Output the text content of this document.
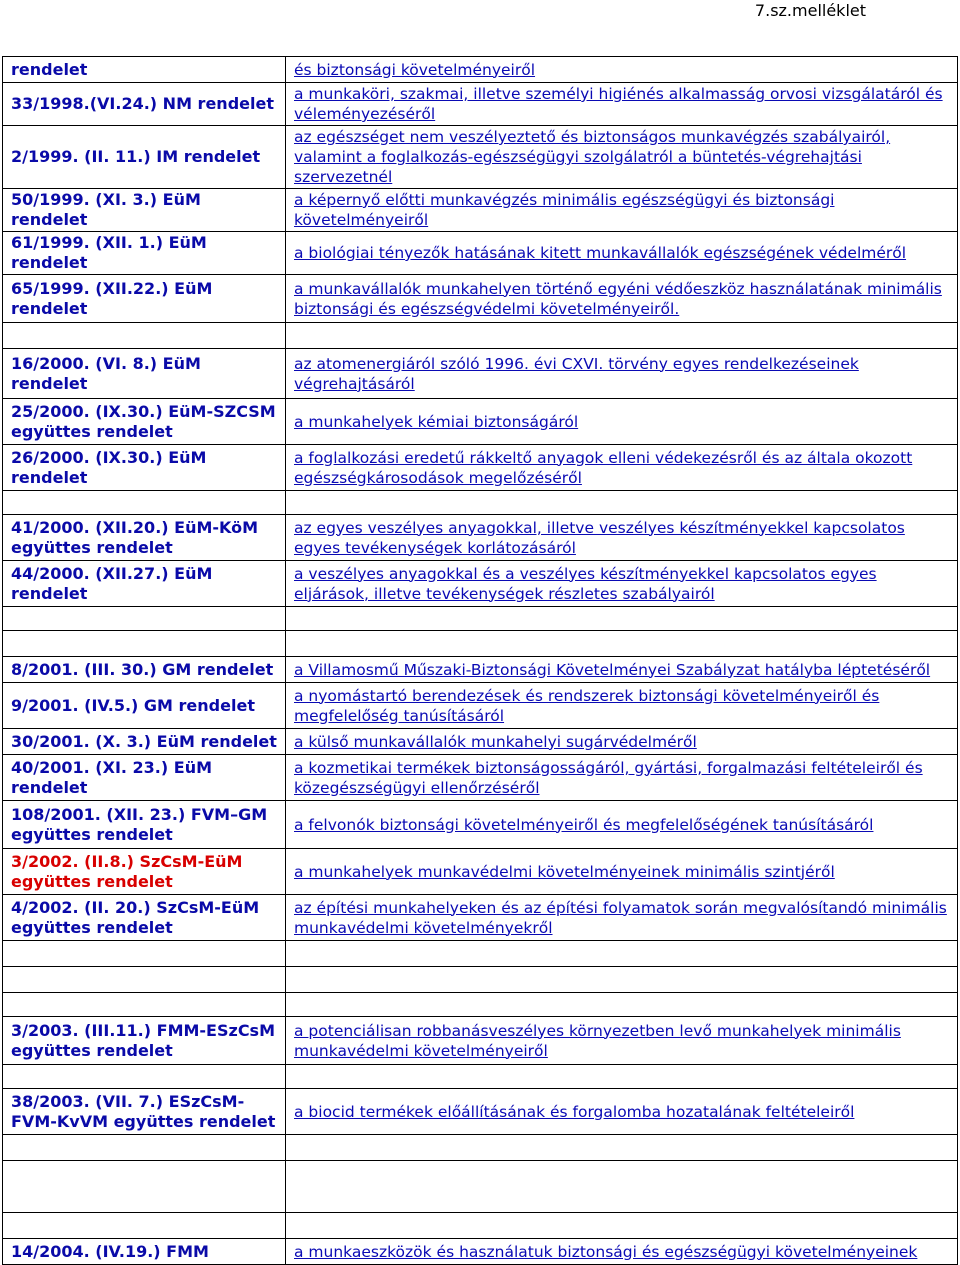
7.sz.melléklet
rendelet	és biztonsági követelményeiről
33/1998.(VI.24.) NM rendelet	a munkaköri, szakmai, illetve személyi higiénés alkalmasság orvosi vizsgálatáról és véleményezéséről
2/1999. (II. 11.) IM rendelet	az egészséget nem veszélyeztető és biztonságos munkavégzés szabályairól, valamint a foglalkozás-egészségügyi szolgálatról a büntetés-végrehajtási szervezetnél
50/1999. (XI. 3.) EüM rendelet	a képernyő előtti munkavégzés minimális egészségügyi és biztonsági követelményeiről
61/1999. (XII. 1.) EüM rendelet	a biológiai tényezők hatásának kitett munkavállalók egészségének védelméről
65/1999. (XII.22.) EüM rendelet	a munkavállalók munkahelyen történő egyéni védőeszköz használatának minimális biztonsági és egészségvédelmi követelményeiről.

16/2000. (VI. 8.) EüM rendelet	az atomenergiáról szóló 1996. évi CXVI. törvény egyes rendelkezéseinek végrehajtásáról
25/2000. (IX.30.) EüM-SZCSM együttes rendelet	a munkahelyek kémiai biztonságáról
26/2000. (IX.30.) EüM rendelet	a foglalkozási eredetű rákkeltő anyagok elleni védekezésről és az általa okozott egészségkárosodások megelőzéséről

41/2000. (XII.20.) EüM-KöM együttes rendelet	az egyes veszélyes anyagokkal, illetve veszélyes készítményekkel kapcsolatos egyes tevékenységek korlátozásáról
44/2000. (XII.27.) EüM rendelet	a veszélyes anyagokkal és a veszélyes készítményekkel kapcsolatos egyes eljárások, illetve tevékenységek részletes szabályairól

8/2001. (III. 30.) GM rendelet	a Villamosmű Műszaki-Biztonsági Követelményei Szabályzat hatályba léptetéséről
9/2001. (IV.5.) GM rendelet	a nyomástartó berendezések és rendszerek biztonsági követelményeiről és megfelelőség tanúsításáról
30/2001. (X. 3.) EüM rendelet	a külső munkavállalók munkahelyi sugárvédelméről
40/2001. (XI. 23.) EüM rendelet	a kozmetikai termékek biztonságosságáról, gyártási, forgalmazási feltételeiről és közegészségügyi ellenőrzéséről
108/2001. (XII. 23.) FVM–GM együttes rendelet	a felvonók biztonsági követelményeiről és megfelelőségének tanúsításáról
3/2002. (II.8.) SzCsM-EüM együttes rendelet	a munkahelyek munkavédelmi követelményeinek minimális szintjéről
4/2002. (II. 20.) SzCsM-EüM együttes rendelet	az építési munkahelyeken és az építési folyamatok során megvalósítandó minimális munkavédelmi követelményekről

3/2003. (III.11.) FMM-ESzCsM együttes rendelet	a potenciálisan robbanásveszélyes környezetben levő munkahelyek minimális munkavédelmi követelményeiről

38/2003. (VII. 7.) ESzCsM-FVM-KvVM együttes rendelet	a biocid termékek előállításának és forgalomba hozatalának feltételeiről

14/2004. (IV.19.) FMM	a munkaeszközök és használatuk biztonsági és egészségügyi követelményeinek
